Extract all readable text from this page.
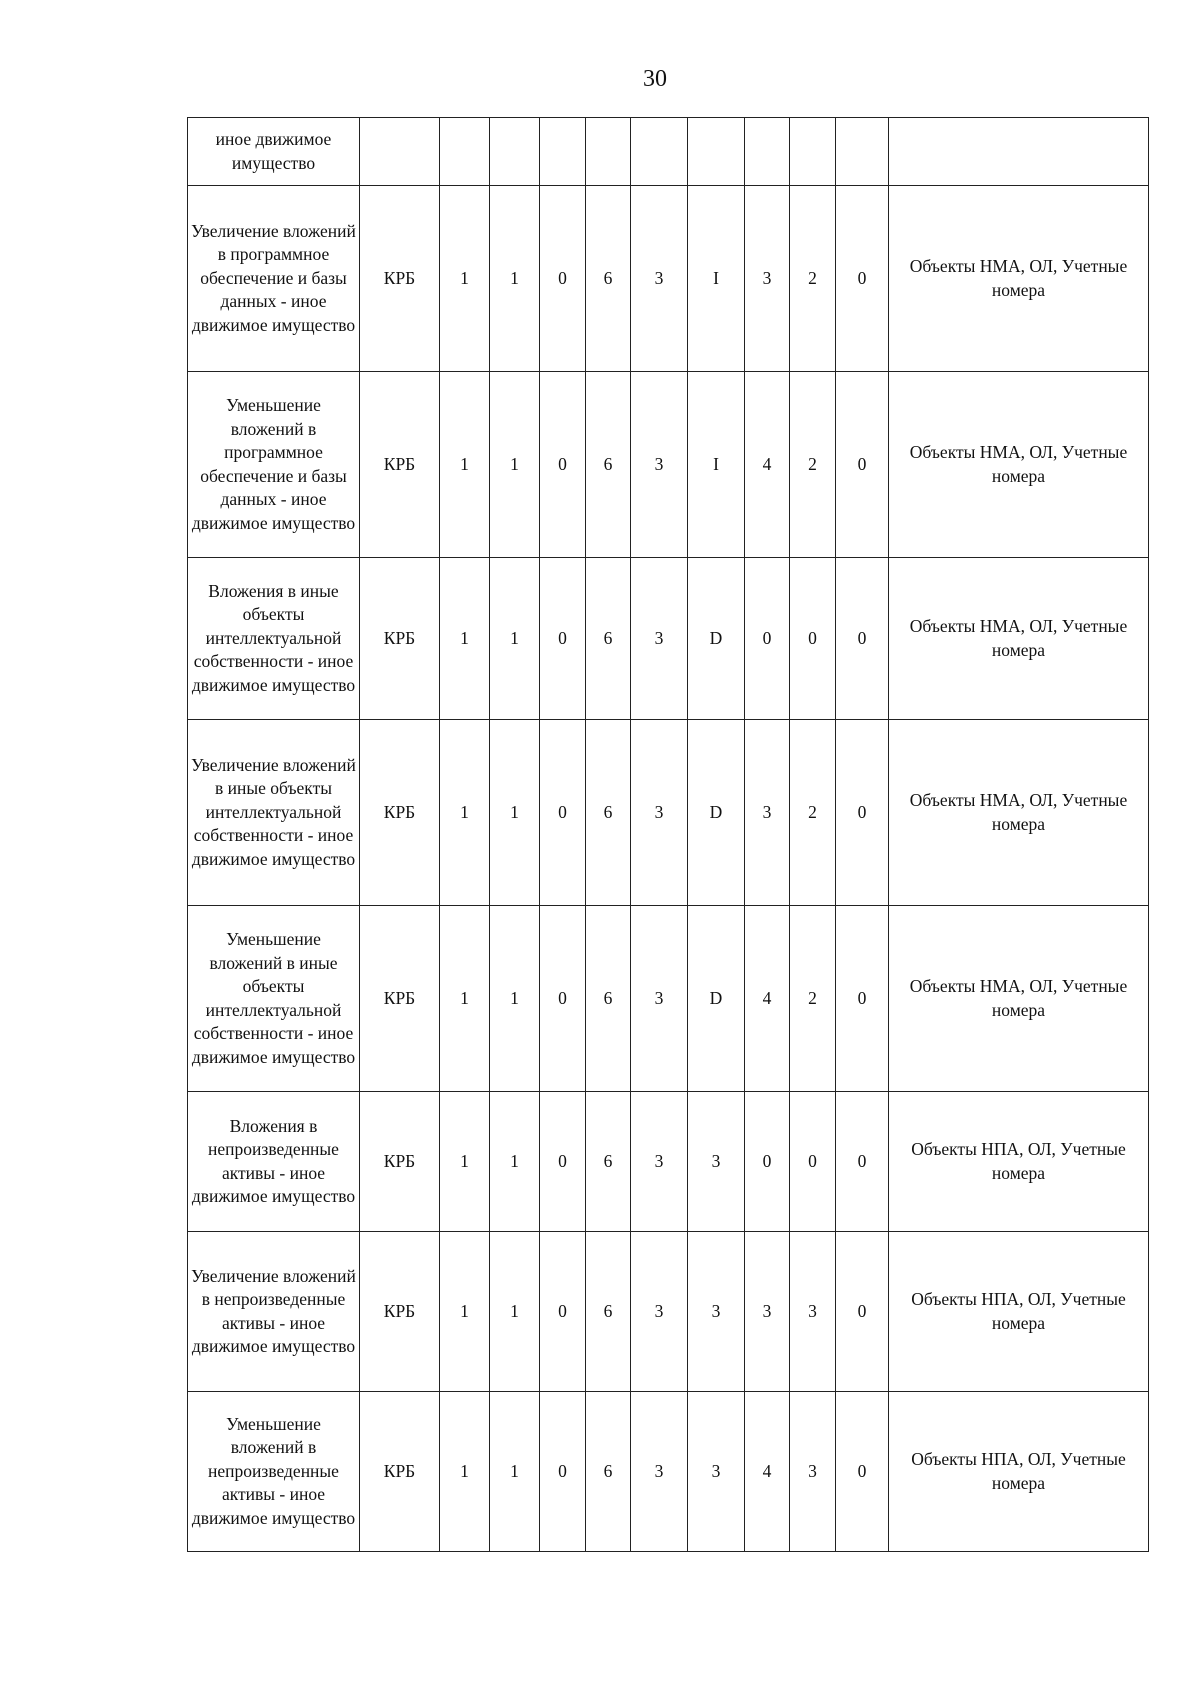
30
иное движимое имущество											
Увеличение вложений в программное обеспечение и базы данных - иное движимое имущество	КРБ	1	1	0	6	3	I	3	2	0	Объекты НМА, ОЛ, Учетные номера
Уменьшение вложений в программное обеспечение и базы данных - иное движимое имущество	КРБ	1	1	0	6	3	I	4	2	0	Объекты НМА, ОЛ, Учетные номера
Вложения в иные объекты интеллектуальной собственности - иное движимое имущество	КРБ	1	1	0	6	3	D	0	0	0	Объекты НМА, ОЛ, Учетные номера
Увеличение вложений в иные объекты интеллектуальной собственности - иное движимое имущество	КРБ	1	1	0	6	3	D	3	2	0	Объекты НМА, ОЛ, Учетные номера
Уменьшение вложений в иные объекты интеллектуальной собственности - иное движимое имущество	КРБ	1	1	0	6	3	D	4	2	0	Объекты НМА, ОЛ, Учетные номера
Вложения в непроизведенные активы - иное движимое имущество	КРБ	1	1	0	6	3	3	0	0	0	Объекты НПА, ОЛ, Учетные номера
Увеличение вложений в непроизведенные активы - иное движимое имущество	КРБ	1	1	0	6	3	3	3	3	0	Объекты НПА, ОЛ, Учетные номера
Уменьшение вложений в непроизведенные активы - иное движимое имущество	КРБ	1	1	0	6	3	3	4	3	0	Объекты НПА, ОЛ, Учетные номера
